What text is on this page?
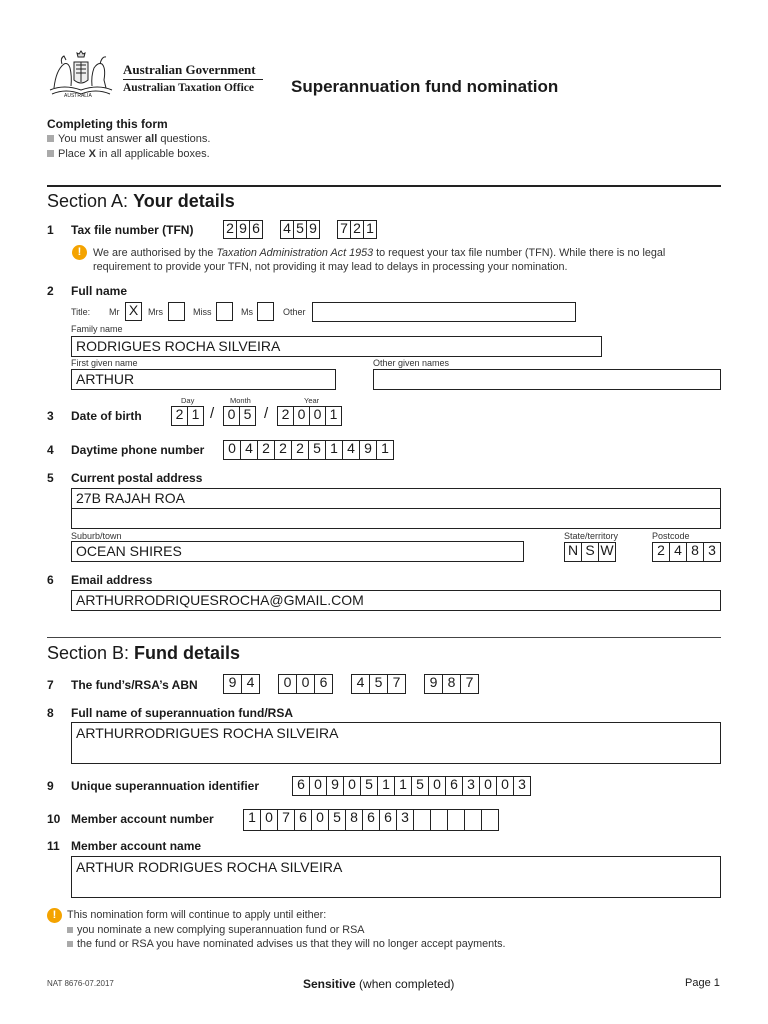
AUSTRALIA
Australian Government
Australian Taxation Office Superannuation fund nomination
Completing this form
You must answer all questions.
Place X in all applicable boxes.
Section A: Your details
1 Tax file number (TFN) 2 9 6 4 5 9 7 2 1
!	We are authorised by the Taxation Administration Act 1953 to request your tax file number (TFN). While there is no legal
requirement to provide your TFN, not providing it may lead to delays in processing your nomination.
2 Full name
Title: Mr X	Mrs	Miss	Ms	Other
Family name
RODRIGUES ROCHA SILVEIRA
First given name
ARTHUR
Other given names
Day	Month	Year
3 Date of birth	2 1 / 0 5 / 2 0 0 1
4 Daytime phone number	0 4 2 2 2 5 1 4 9 1
5 Current postal address
27B RAJAH ROA
Suburb/town
OCEAN SHIRES
State/territory
N S W
Postcode
2 4 8 3
6 Email address
ARTHURRODRIQUESROCHA@GMAIL.COM
Section B: Fund details
7 The fund’s/RSA’s ABN	9 4	0 0 6	4 5 7	9 8 7
8 Full name of superannuation fund/RSA
ARTHURRODRIGUES ROCHA SILVEIRA
9 Unique superannuation identifier	6 0 9 0 5 1 1 5 0 6 3 0 0 3
10 Member account number	1 0 7 6 0 5 8 6 6 3
11 Member account name
ARTHUR RODRIGUES ROCHA SILVEIRA
! This nomination form will continue to apply until either:
you nominate a new complying superannuation fund or RSA
the fund or RSA you have nominated advises us that they will no longer accept payments.
NAT 8676-07.2017	Sensitive (when completed)	Page 1
